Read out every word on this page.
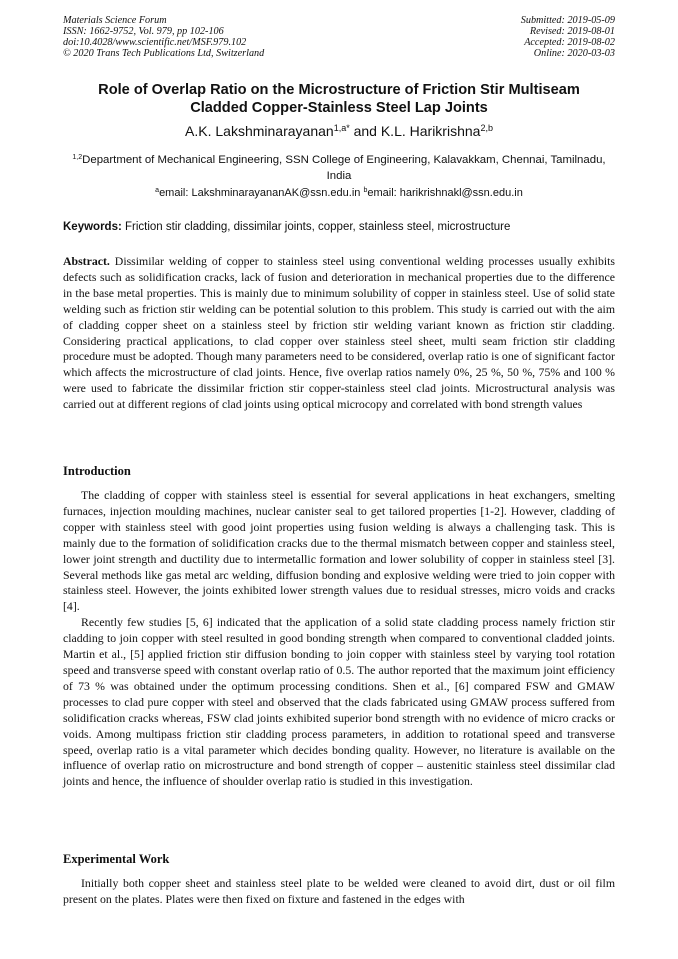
Materials Science Forum
ISSN: 1662-9752, Vol. 979, pp 102-106
doi:10.4028/www.scientific.net/MSF.979.102
© 2020 Trans Tech Publications Ltd, Switzerland
Submitted: 2019-05-09
Revised: 2019-08-01
Accepted: 2019-08-02
Online: 2020-03-03
Role of Overlap Ratio on the Microstructure of Friction Stir Multiseam
Cladded Copper-Stainless Steel Lap Joints
A.K. Lakshminarayanan$^{1,a*}$ and K.L. Harikrishna$^{2,b}$
$^{1,2}$Department of Mechanical Engineering, SSN College of Engineering, Kalavakkam, Chennai, Tamilnadu, India
$^a$email: LakshminarayananAK@ssn.edu.in $^b$email: harikrishnakl@ssn.edu.in
Keywords: Friction stir cladding, dissimilar joints, copper, stainless steel, microstructure
Abstract. Dissimilar welding of copper to stainless steel using conventional welding processes usually exhibits defects such as solidification cracks, lack of fusion and deterioration in mechanical properties due to the difference in the base metal properties. This is mainly due to minimum solubility of copper in stainless steel. Use of solid state welding such as friction stir welding can be potential solution to this problem. This study is carried out with the aim of cladding copper sheet on a stainless steel by friction stir welding variant known as friction stir cladding. Considering practical applications, to clad copper over stainless steel sheet, multi seam friction stir cladding procedure must be adopted. Though many parameters need to be considered, overlap ratio is one of significant factor which affects the microstructure of clad joints. Hence, five overlap ratios namely 0%, 25 %, 50 %, 75% and 100 % were used to fabricate the dissimilar friction stir copper-stainless steel clad joints. Microstructural analysis was carried out at different regions of clad joints using optical microcopy and correlated with bond strength values
Introduction

The cladding of copper with stainless steel is essential for several applications in heat exchangers, smelting furnaces, injection moulding machines, nuclear canister seal to get tailored properties [1-2]. However, cladding of copper with stainless steel with good joint properties using fusion welding is always a challenging task. This is mainly due to the formation of solidification cracks due to the thermal mismatch between copper and stainless steel, lower joint strength and ductility due to intermetallic formation and lower solubility of copper in stainless steel [3]. Several methods like gas metal arc welding, diffusion bonding and explosive welding were tried to join copper with stainless steel. However, the joints exhibited lower strength values due to residual stresses, micro voids and cracks [4].

Recently few studies [5, 6] indicated that the application of a solid state cladding process namely friction stir cladding to join copper with steel resulted in good bonding strength when compared to conventional cladded joints. Martin et al., [5] applied friction stir diffusion bonding to join copper with stainless steel by varying tool rotation speed and transverse speed with constant overlap ratio of 0.5. The author reported that the maximum joint efficiency of 73 % was obtained under the optimum processing conditions. Shen et al., [6] compared FSW and GMAW processes to clad pure copper with steel and observed that the clads fabricated using GMAW process suffered from solidification cracks whereas, FSW clad joints exhibited superior bond strength with no evidence of micro cracks or voids. Among multipass friction stir cladding process parameters, in addition to rotational speed and transverse speed, overlap ratio is a vital parameter which decides bonding quality. However, no literature is available on the influence of overlap ratio on microstructure and bond strength of copper – austenitic stainless steel dissimilar clad joints and hence, the influence of shoulder overlap ratio is studied in this investigation.

Experimental Work

Initially both copper sheet and stainless steel plate to be welded were cleaned to avoid dirt, dust or oil film present on the plates. Plates were then fixed on fixture and fastened in the edges with
